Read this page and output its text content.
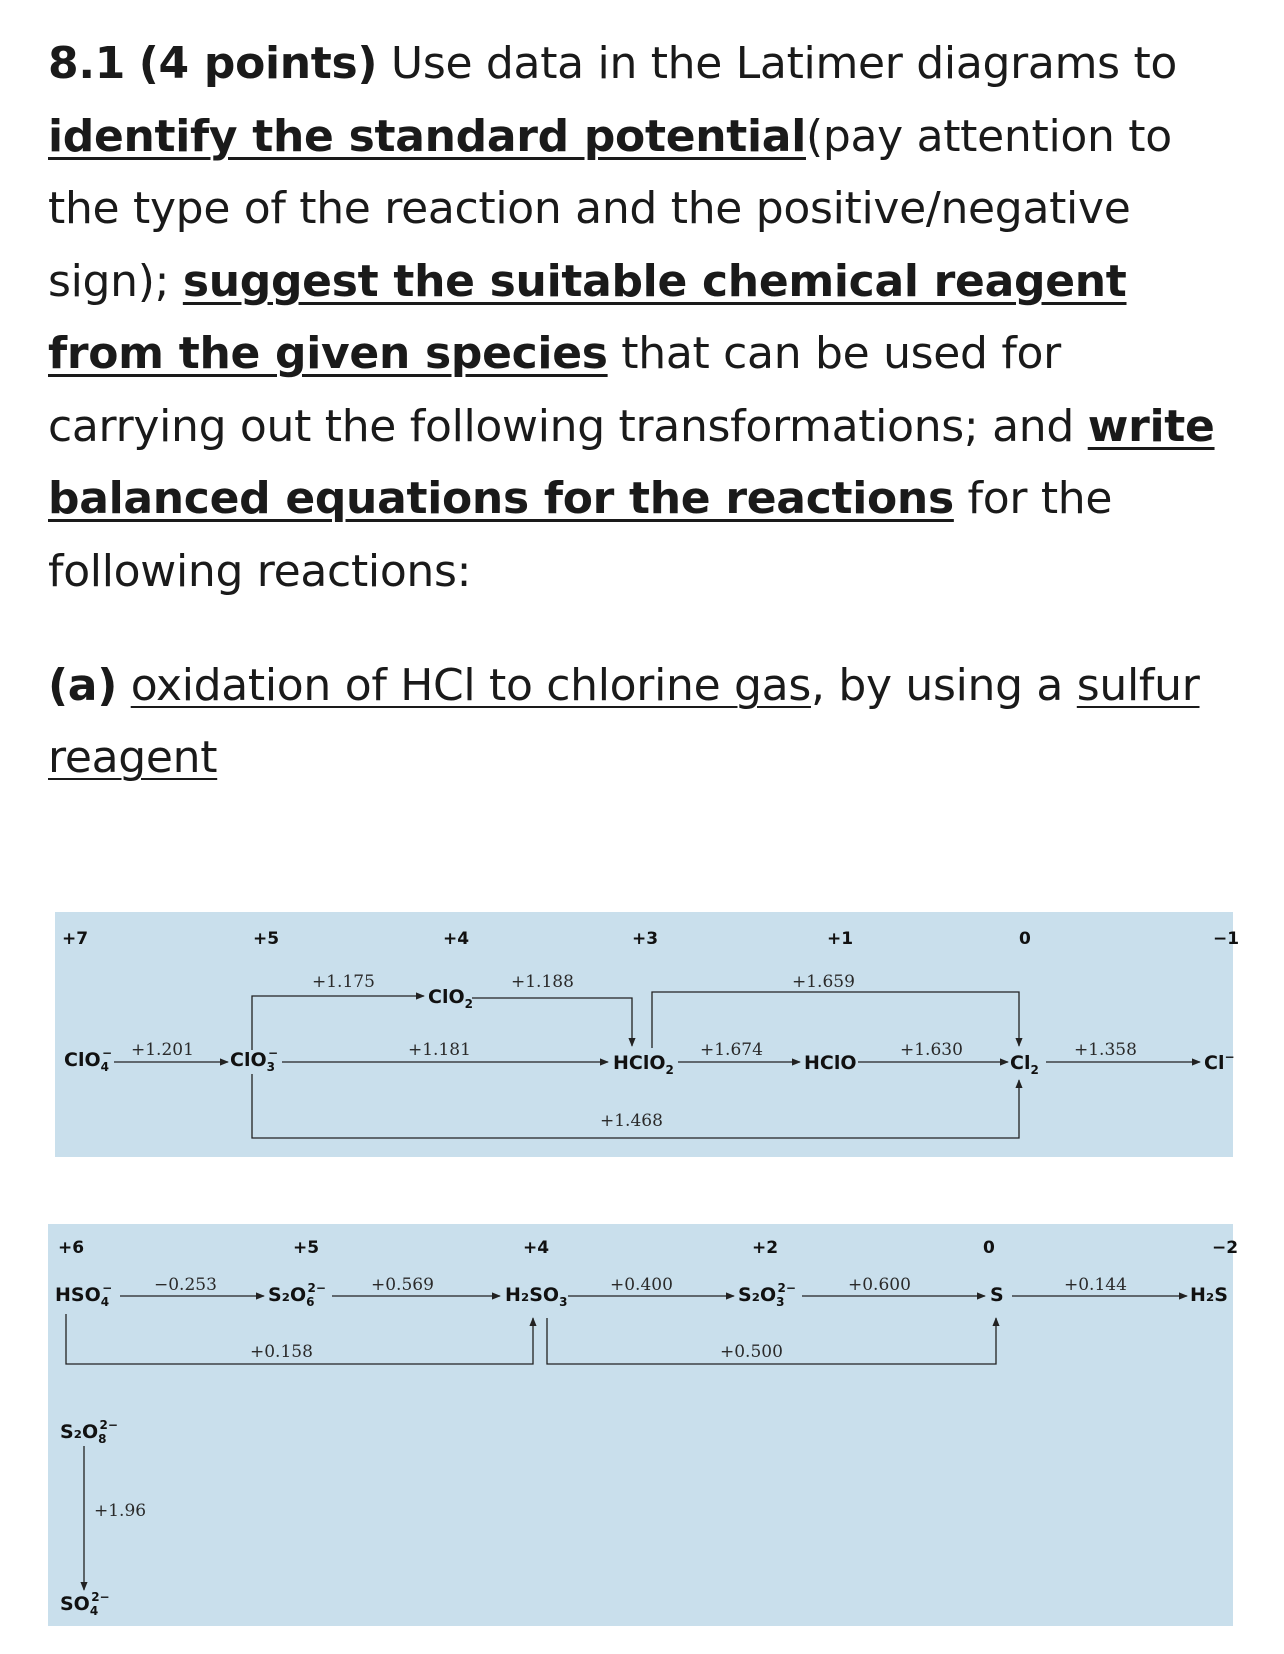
8.1 (4 points) Use data in the Latimer diagrams to identify the standard potential(pay attention to the type of the reaction and the positive/negative sign); suggest the suitable chemical reagent from the given species that can be used for carrying out the following transformations; and write balanced equations for the reactions for the following reactions:
(a) oxidation of HCl to chlorine gas, by using a sulfur reagent
+7	+5	+4	+3	+1	0	−1
ClO$_4$−	ClO$_3$−
ClO$_2$
HClO$_2$	HClO	$Cl_2$	Cl−
+1.201
+1.175	+1.188
+1.181	+1.674
+1.659
+1.630	+1.358
+1.468
+6	+5	+4	+2	0	−2
$HSO_4-$	$S_2O_62-$	$H_2SO_3$	$S_2O_32-$	S	H₂S
$S_2O_82-$
$SO_42-$
−0.253	+0.569	+0.400	+0.600	+0.144
+0.158	+0.500
+1.96
